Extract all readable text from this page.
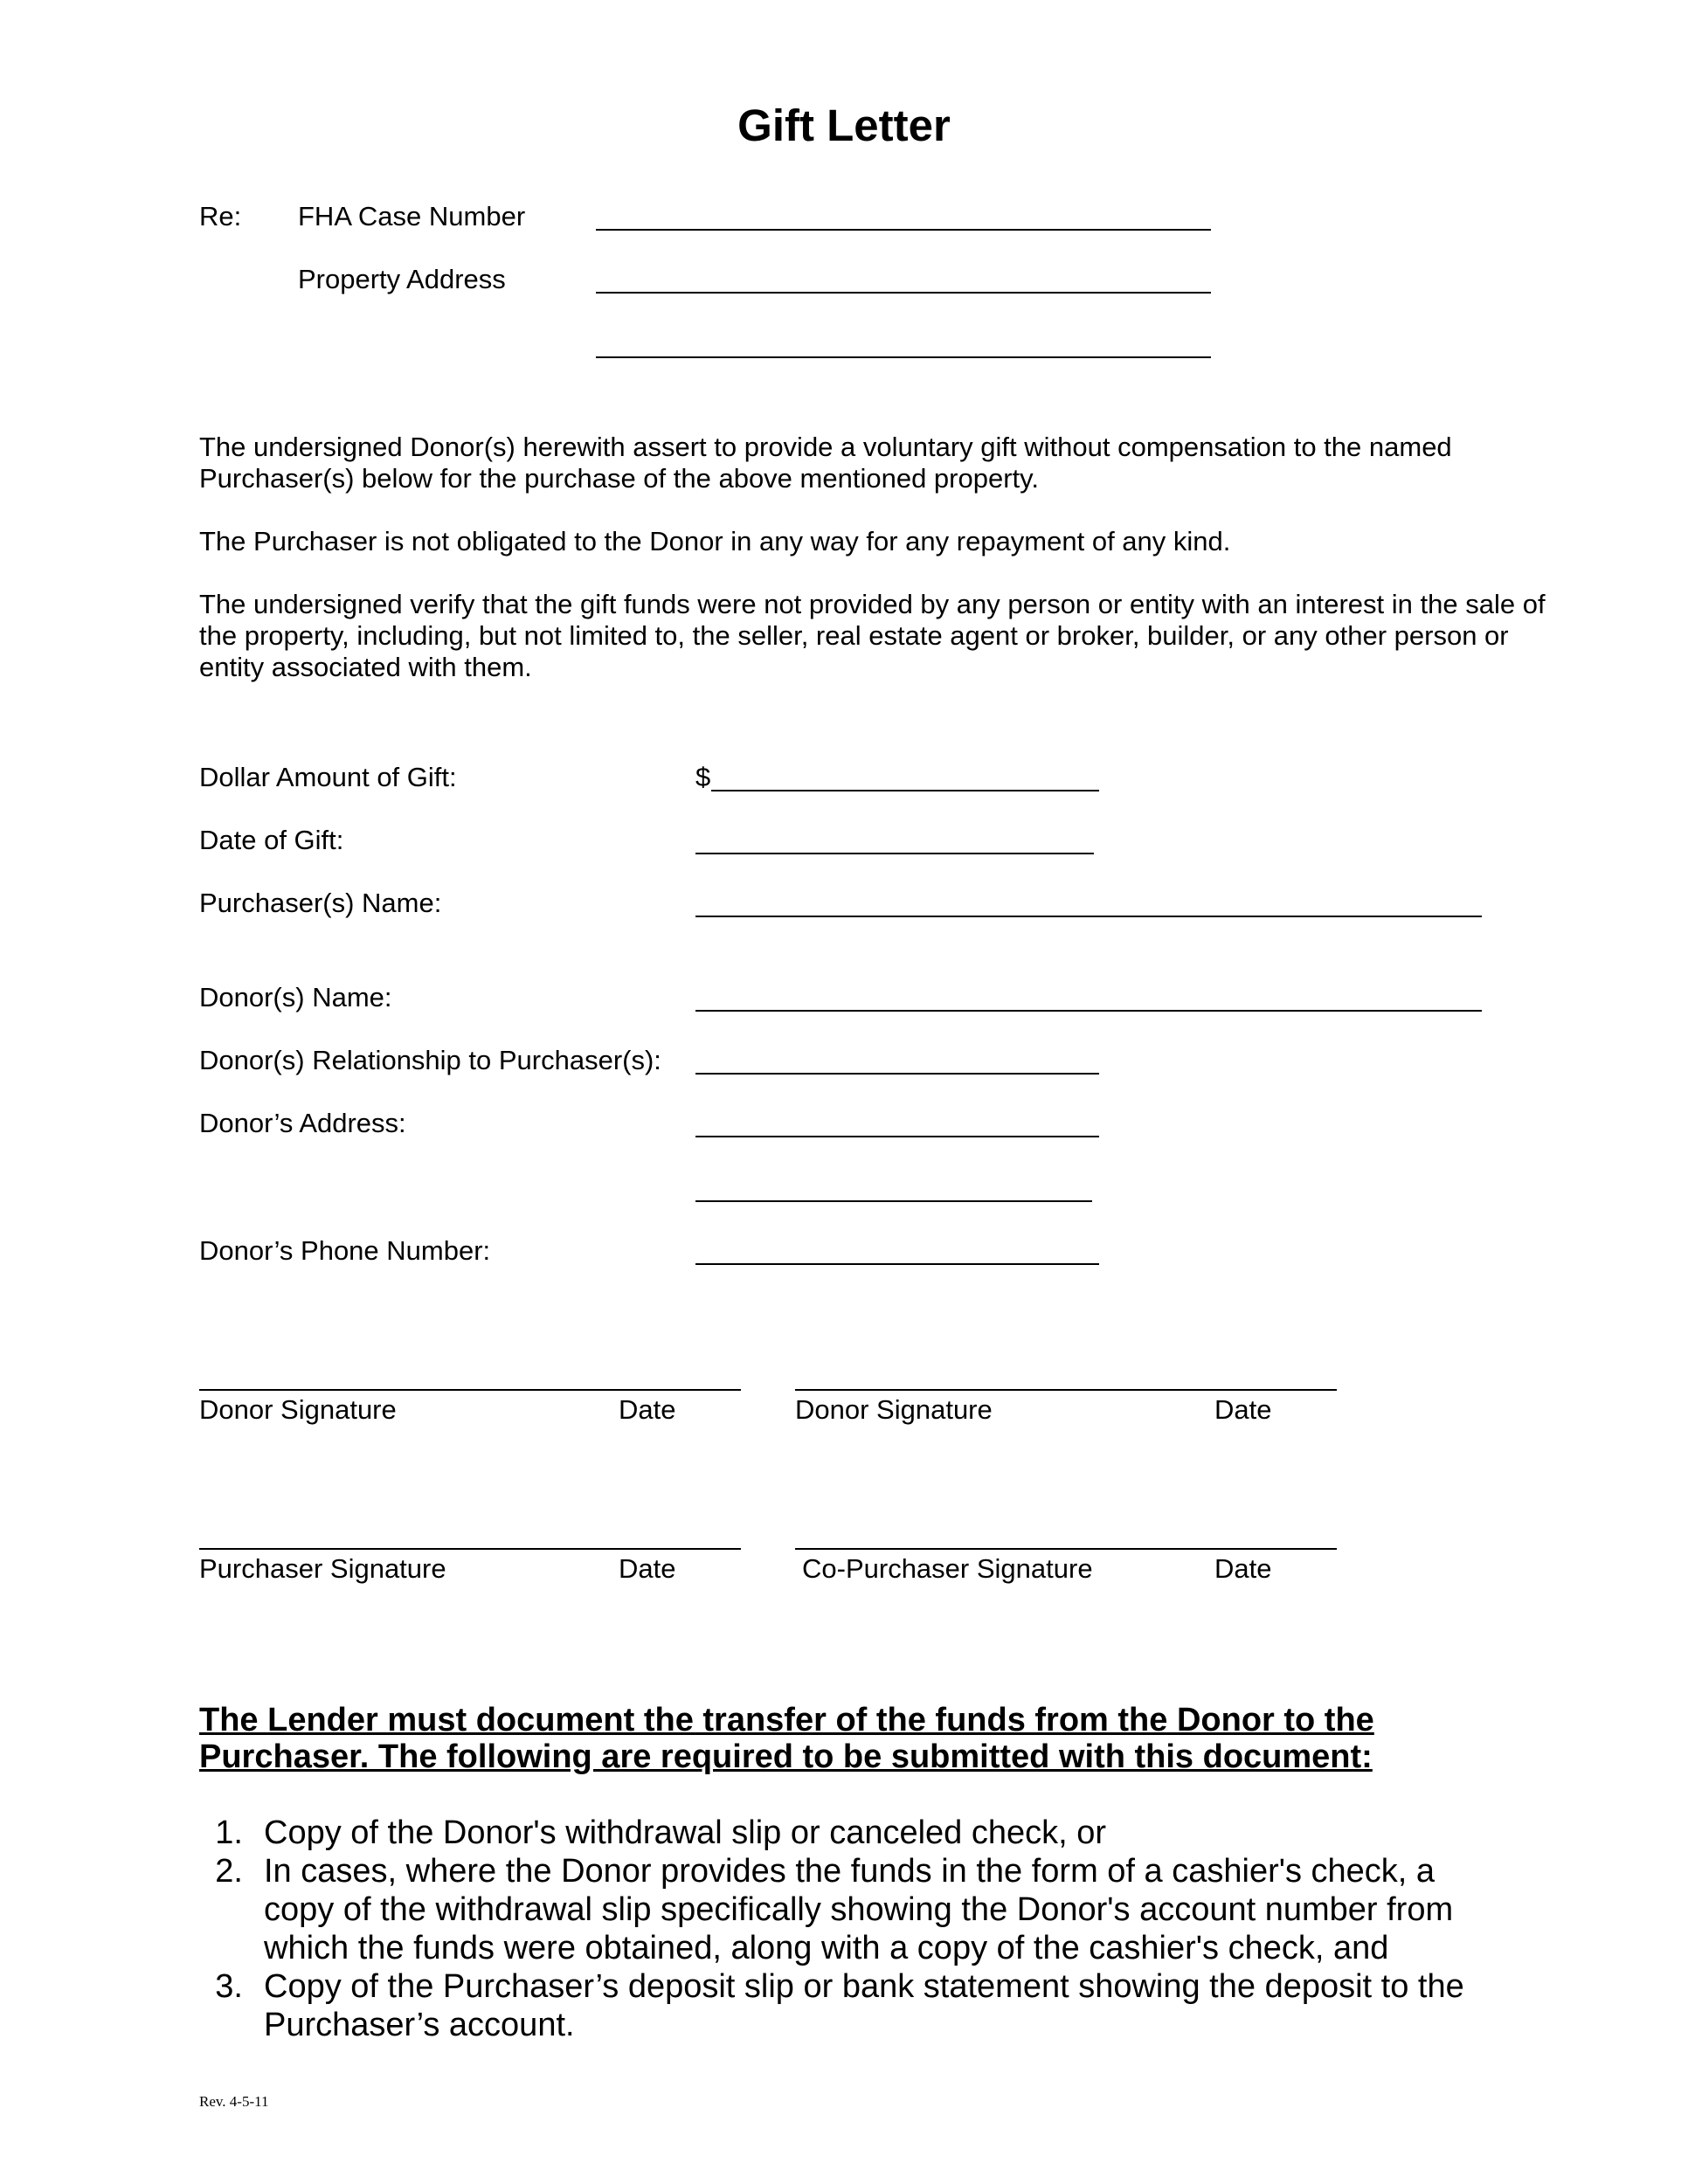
Gift Letter
Re: FHA Case Number
Property Address
The undersigned Donor(s) herewith assert to provide a voluntary gift without compensation to the named Purchaser(s) below for the purchase of the above mentioned property.
The Purchaser is not obligated to the Donor in any way for any repayment of any kind.
The undersigned verify that the gift funds were not provided by any person or entity with an interest in the sale of the property, including, but not limited to, the seller, real estate agent or broker, builder, or any other person or entity associated with them.
Dollar Amount of Gift:	$
Date of Gift:
Purchaser(s) Name:
Donor(s) Name:
Donor(s) Relationship to Purchaser(s):
Donor’s Address:
Donor’s Phone Number:
Donor Signature	Date	Donor Signature	Date
Purchaser Signature	Date	Co-Purchaser Signature	Date
The Lender must document the transfer of the funds from the Donor to the Purchaser. The following are required to be submitted with this document:
1. Copy of the Donor's withdrawal slip or canceled check, or
2. In cases, where the Donor provides the funds in the form of a cashier's check, a copy of the withdrawal slip specifically showing the Donor's account number from which the funds were obtained, along with a copy of the cashier's check, and
3. Copy of the Purchaser’s deposit slip or bank statement showing the deposit to the Purchaser’s account.
Rev. 4-5-11
